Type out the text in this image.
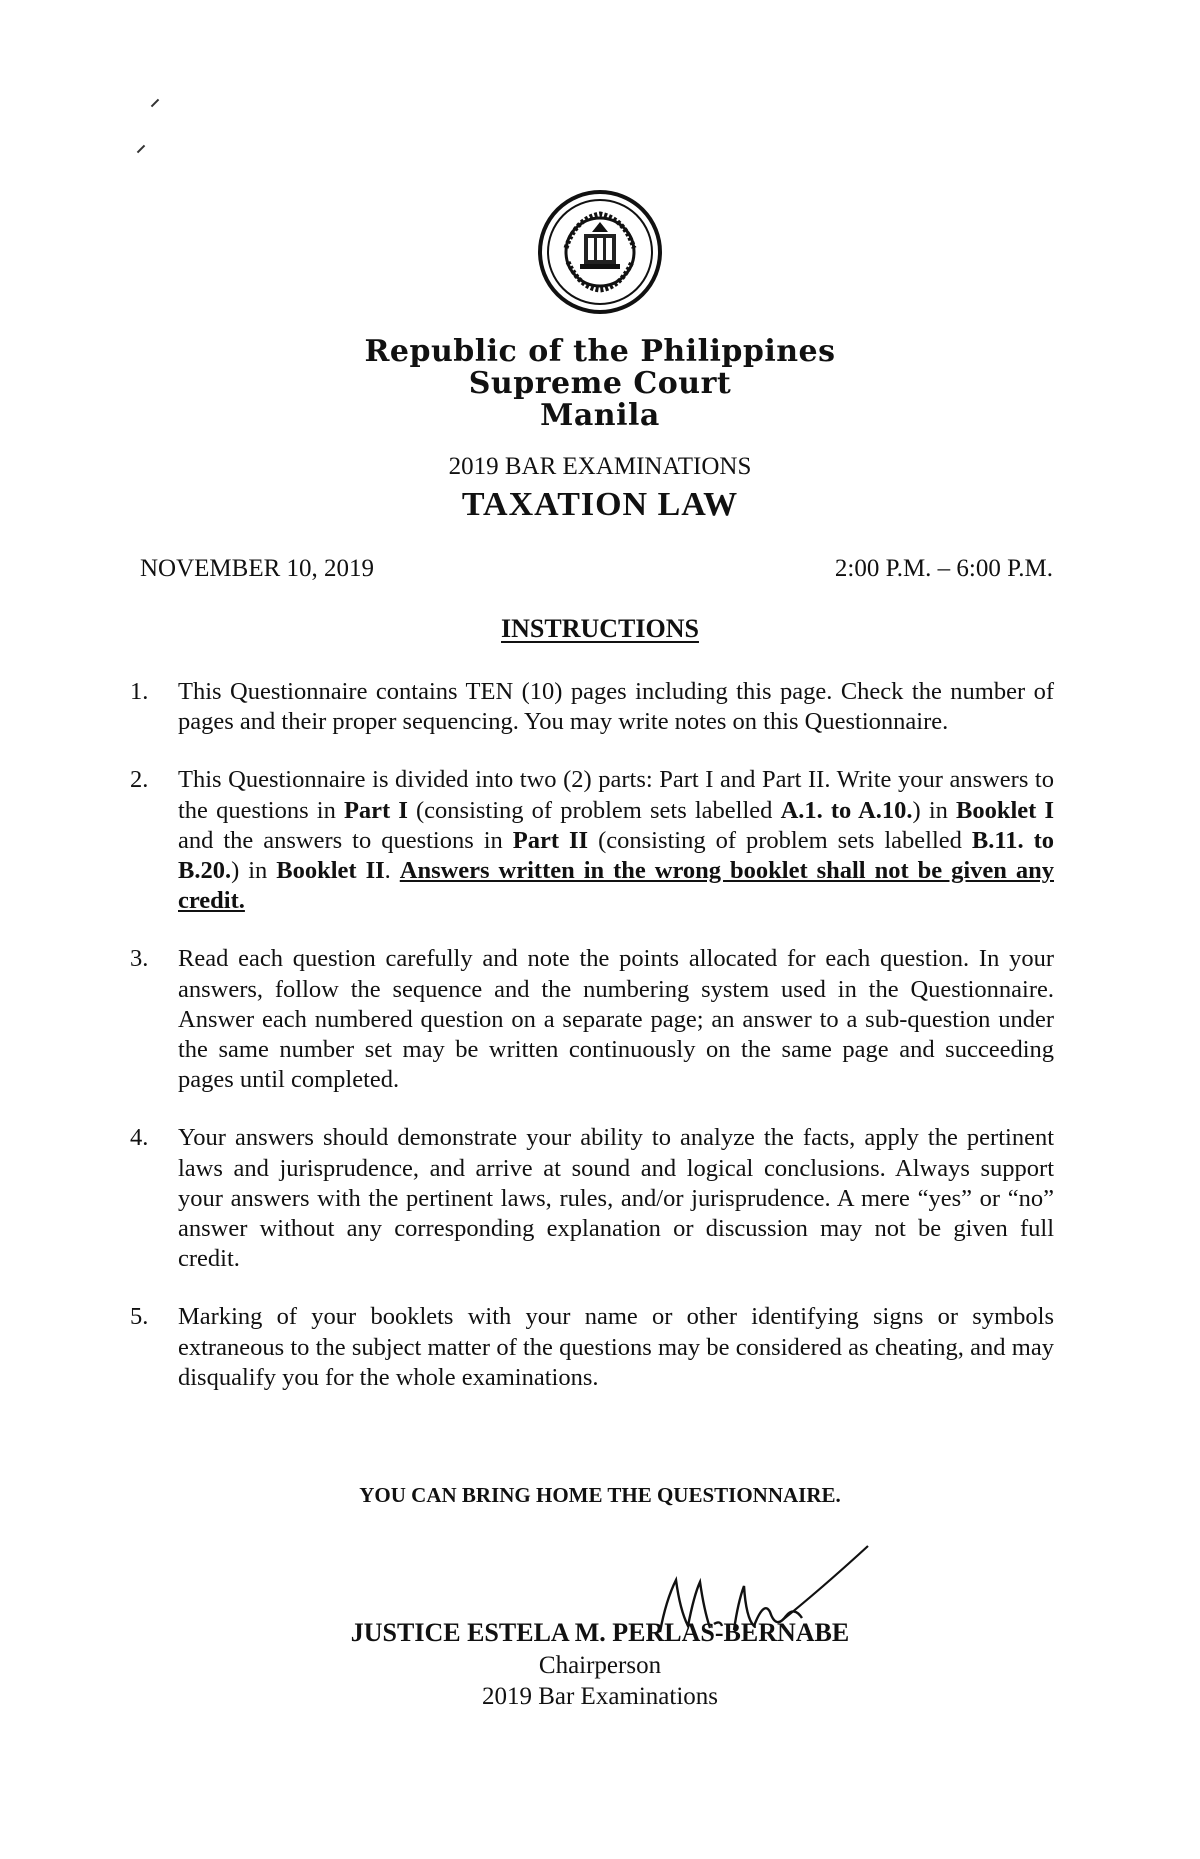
Republic of the Philippines
Supreme Court
Manila
2019 BAR EXAMINATIONS
TAXATION LAW
NOVEMBER 10, 2019	2:00 P.M. – 6:00 P.M.
INSTRUCTIONS
1. This Questionnaire contains TEN (10) pages including this page. Check the number of pages and their proper sequencing. You may write notes on this Questionnaire.
2. This Questionnaire is divided into two (2) parts: Part I and Part II. Write your answers to the questions in Part I (consisting of problem sets labelled A.1. to A.10.) in Booklet I and the answers to questions in Part II (consisting of problem sets labelled B.11. to B.20.) in Booklet II. Answers written in the wrong booklet shall not be given any credit.
3. Read each question carefully and note the points allocated for each question. In your answers, follow the sequence and the numbering system used in the Questionnaire. Answer each numbered question on a separate page; an answer to a sub-question under the same number set may be written continuously on the same page and succeeding pages until completed.
4. Your answers should demonstrate your ability to analyze the facts, apply the pertinent laws and jurisprudence, and arrive at sound and logical conclusions. Always support your answers with the pertinent laws, rules, and/or jurisprudence. A mere “yes” or “no” answer without any corresponding explanation or discussion may not be given full credit.
5. Marking of your booklets with your name or other identifying signs or symbols extraneous to the subject matter of the questions may be considered as cheating, and may disqualify you for the whole examinations.
YOU CAN BRING HOME THE QUESTIONNAIRE.
JUSTICE ESTELA M. PERLAS-BERNABE
Chairperson
2019 Bar Examinations
